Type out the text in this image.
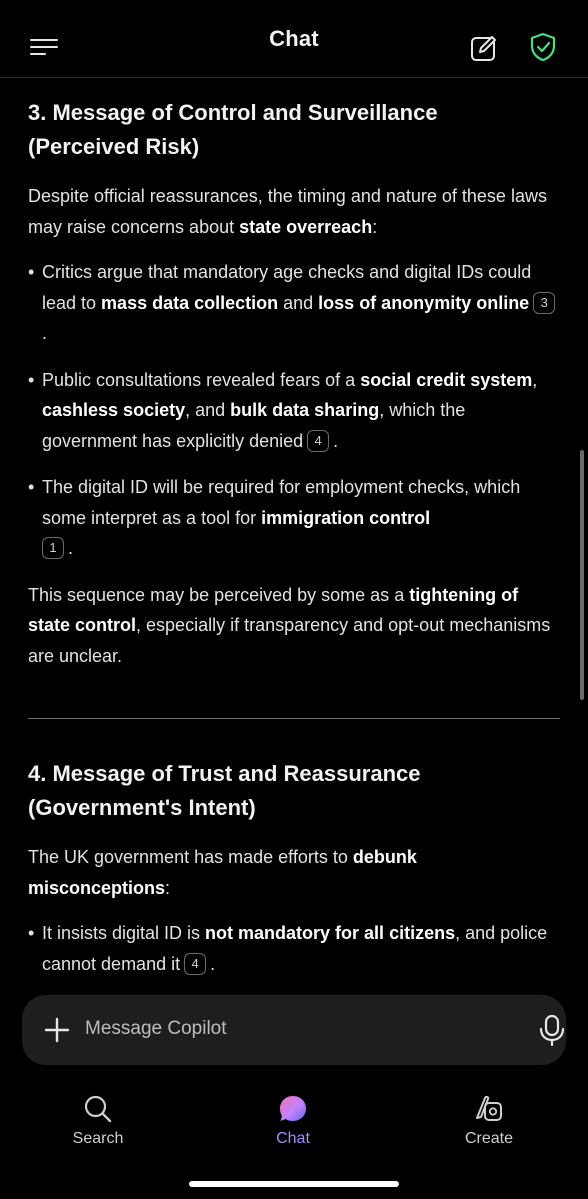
Chat
3. Message of Control and Surveillance
(Perceived Risk)
Despite official reassurances, the timing and nature of these laws may raise concerns about state overreach:
• Critics argue that mandatory age checks and digital IDs could lead to mass data collection and loss of anonymity online 3.
• Public consultations revealed fears of a social credit system, cashless society, and bulk data sharing, which the government has explicitly denied 4 .
• The digital ID will be required for employment checks, which some interpret as a tool for immigration control
1 .
This sequence may be perceived by some as a tightening of state control, especially if transparency and opt-out mechanisms are unclear.
4. Message of Trust and Reassurance
(Government's Intent)
The UK government has made efforts to debunk misconceptions:
• It insists digital ID is not mandatory for all citizens, and police cannot demand it 4 .
Message Copilot
Search	Chat	Create
